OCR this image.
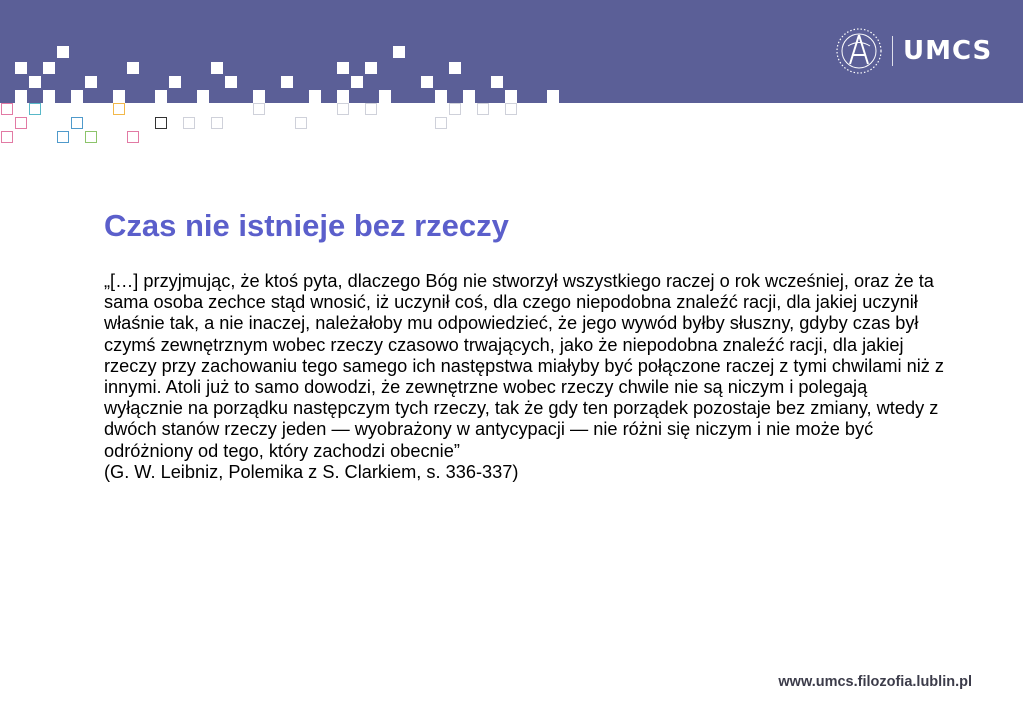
UMCS
Czas nie istnieje bez rzeczy

„[…] przyjmując, że ktoś pyta, dlaczego Bóg nie stworzył wszystkiego raczej o rok wcześniej, oraz że ta sama osoba zechce stąd wnosić, iż uczynił coś, dla czego niepodobna znaleźć racji, dla jakiej uczynił właśnie tak, a nie inaczej, należałoby mu odpowiedzieć, że jego wywód byłby słuszny, gdyby czas był czymś zewnętrznym wobec rzeczy czasowo trwających, jako że niepodobna znaleźć racji, dla jakiej rzeczy przy zachowaniu tego samego ich następstwa miałyby być połączone raczej z tymi chwilami niż z innymi. Atoli już to samo dowodzi, że zewnętrzne wobec rzeczy chwile nie są niczym i polegają wyłącznie na porządku następczym tych rzeczy, tak że gdy ten porządek pozostaje bez zmiany, wtedy z dwóch stanów rzeczy jeden — wyobrażony w antycypacji — nie różni się niczym i nie może być odróżniony od tego, który zachodzi obecnie”

(G. W. Leibniz, Polemika z S. Clarkiem, s. 336-337)

www.umcs.filozofia.lublin.pl
